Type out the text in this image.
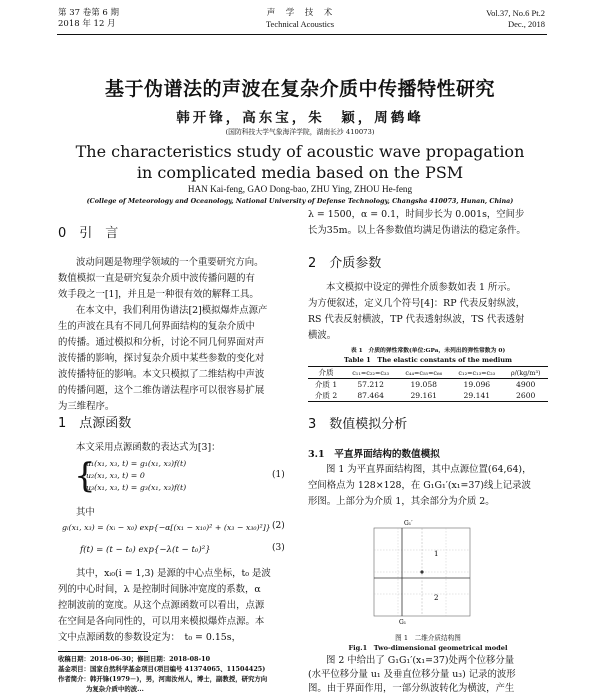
第 37 卷第 6 期
2018 年 12 月
声　学　技　术
Technical Acoustics
Vol.37, No.6 Pt.2
Dec., 2018
基于伪谱法的声波在复杂介质中传播特性研究
韩开锋，高东宝，朱　颖，周鹤峰
(国防科技大学气象海洋学院，湖南长沙 410073)
The characteristics study of acoustic wave propagation
in complicated media based on the PSM
HAN Kai-feng, GAO Dong-bao, ZHU Ying, ZHOU He-feng
(College of Meteorology and Oceanology, National University of Defense Technology, Changsha 410073, Hunan, China)
0　引　言
波动问题是物理学领域的一个重要研究方向。
数值模拟一直是研究复杂介质中波传播问题的有
效手段之一[1]，并且是一种很有效的解释工具。
在本文中，我们利用伪谱法[2]模拟爆炸点源产
生的声波在具有不同几何界面结构的复杂介质中
的传播。通过模拟和分析，讨论不同几何界面对声
波传播的影响，探讨复杂介质中某些参数的变化对
波传播特征的影响。本文只模拟了二维结构中声波
的传播问题，这个二维伪谱法程序可以很容易扩展
为三维程序。
1　点源函数
本文采用点源函数的表达式为[3]：
{
u₁(x₁, x₃, t) = g₁(x₁, x₃)f(t)
u₂(x₁, x₃, t) = 0
u₃(x₁, x₃, t) = g₃(x₁, x₃)f(t)
(1)
其中
gᵢ(x₁, x₃) = (xᵢ − x₀) exp{−α[(x₁ − x₁₀)² + (x₃ − x₃₀)²]} (2)
f(t) = (t − t₀) exp{−λ(t − t₀)²}	(3)
其中，xᵢ₀(i = 1,3) 是源的中心点坐标，t₀ 是波
列的中心时间，λ 是控制时间脉冲宽度的系数，α
控制波前的宽度。从这个点源函数可以看出，点源
在空间是各向同性的，可以用来模拟爆炸点源。本
文中点源函数的参数设定为：　t₀ = 0.15s，
收稿日期：2018-06-30；修回日期：2018-08-10
基金项目：国家自然科学基金项目(项目编号 41374065、11504425)
作者简介：韩开锋(1979－)，男，河南汝州人，博士，副教授，研究方向
为复杂介质中的波...
λ = 1500，α = 0.1，时间步长为 0.001s，空间步
长为35m。以上各参数值均满足伪谱法的稳定条件。
2　介质参数
本文模拟中设定的弹性介质参数如表 1 所示。
为方便叙述，定义几个符号[4]：RP 代表反射纵波，
RS 代表反射横波，TP 代表透射纵波，TS 代表透射
横波。
表 1　介质的弹性常数(单位:GPa，未列出的弹性常数为 0)
Table 1　The elastic constants of the medium
介质	c₁₁=c₂₂=c₃₃	c₄₄=c₅₅=c₆₆	c₁₂=c₁₃=c₂₃	ρ/(kg/m³)
介质 1	57.212	19.058	19.096	4900
介质 2	87.464	29.161	29.141	2600
3　数值模拟分析
3.1　平直界面结构的数值模拟
图 1 为平直界面结构图，其中点源位置(64,64)，
空间格点为 128×128，在 G₁G₁′(x₁=37)线上记录波
形图。上部分为介质 1，其余部分为介质 2。
G₁′
G₁
1
2
图 1　二维介质结构图
Fig.1　Two-dimensional geometrical model
图 2 中给出了 G₁G₁′(x₁=37)处两个位移分量
(水平位移分量 u₁ 及垂直位移分量 u₃) 记录的波形
图。由于界面作用，一部分纵波转化为横波，产生
